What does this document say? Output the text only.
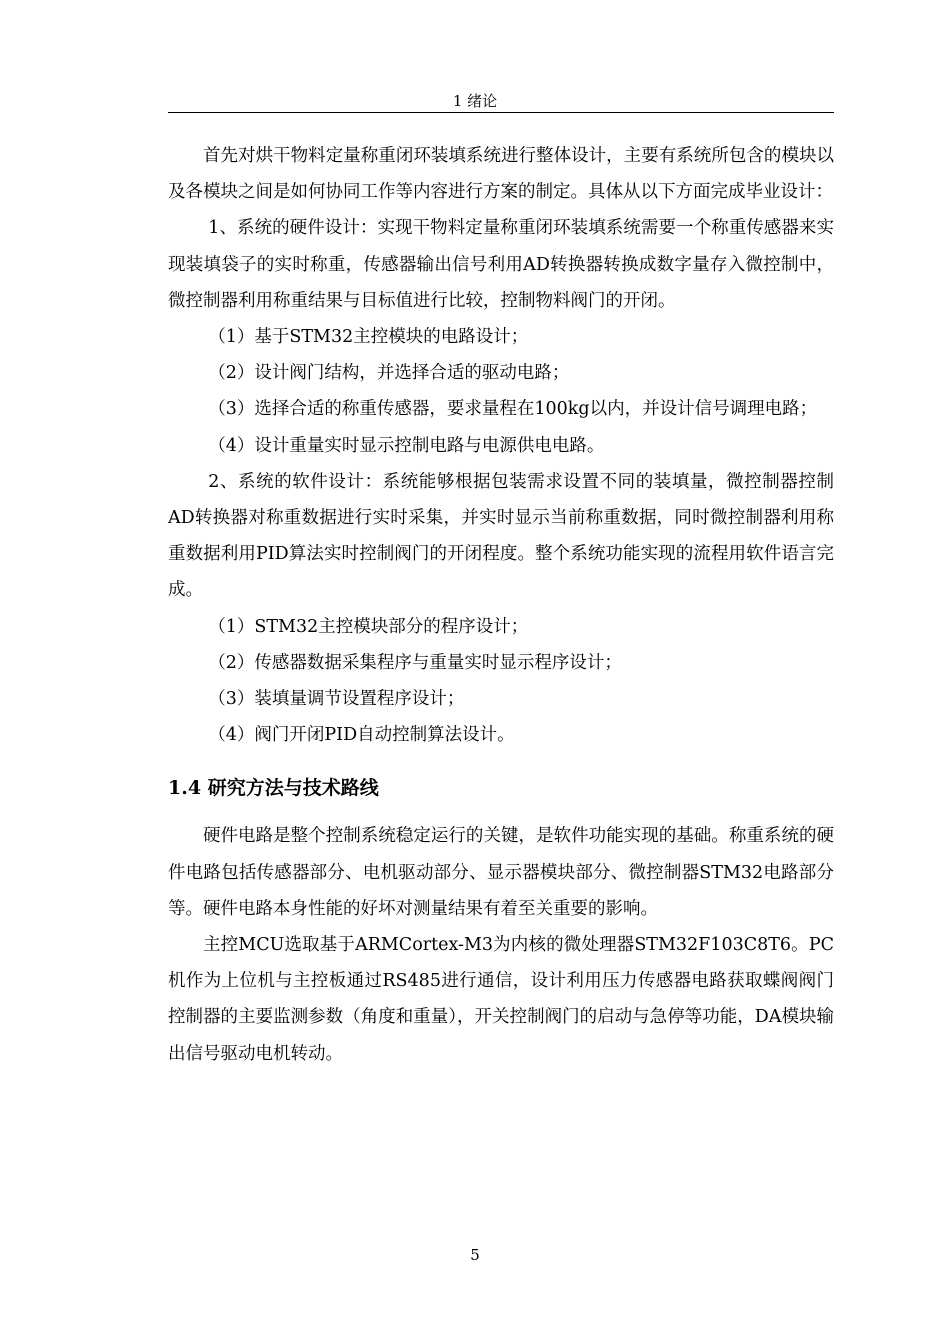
1 绪论

首先对烘干物料定量称重闭环装填系统进行整体设计，主要有系统所包含的模块以及各模块之间是如何协同工作等内容进行方案的制定。具体从以下方面完成毕业设计：

1、系统的硬件设计：实现干物料定量称重闭环装填系统需要一个称重传感器来实现装填袋子的实时称重，传感器输出信号利用AD转换器转换成数字量存入微控制中，微控制器利用称重结果与目标值进行比较，控制物料阀门的开闭。

（1）基于STM32主控模块的电路设计；

（2）设计阀门结构，并选择合适的驱动电路；

（3）选择合适的称重传感器，要求量程在100kg以内，并设计信号调理电路；

（4）设计重量实时显示控制电路与电源供电电路。

2、系统的软件设计：系统能够根据包装需求设置不同的装填量，微控制器控制AD转换器对称重数据进行实时采集，并实时显示当前称重数据，同时微控制器利用称重数据利用PID算法实时控制阀门的开闭程度。整个系统功能实现的流程用软件语言完成。

（1）STM32主控模块部分的程序设计；

（2）传感器数据采集程序与重量实时显示程序设计；

（3）装填量调节设置程序设计；

（4）阀门开闭PID自动控制算法设计。

1.4 研究方法与技术路线

硬件电路是整个控制系统稳定运行的关键，是软件功能实现的基础。称重系统的硬件电路包括传感器部分、电机驱动部分、显示器模块部分、微控制器STM32电路部分等。硬件电路本身性能的好坏对测量结果有着至关重要的影响。

主控MCU选取基于ARMCortex-M3为内核的微处理器STM32F103C8T6。PC机作为上位机与主控板通过RS485进行通信，设计利用压力传感器电路获取蝶阀阀门控制器的主要监测参数（角度和重量），开关控制阀门的启动与急停等功能，DA模块输出信号驱动电机转动。

5
